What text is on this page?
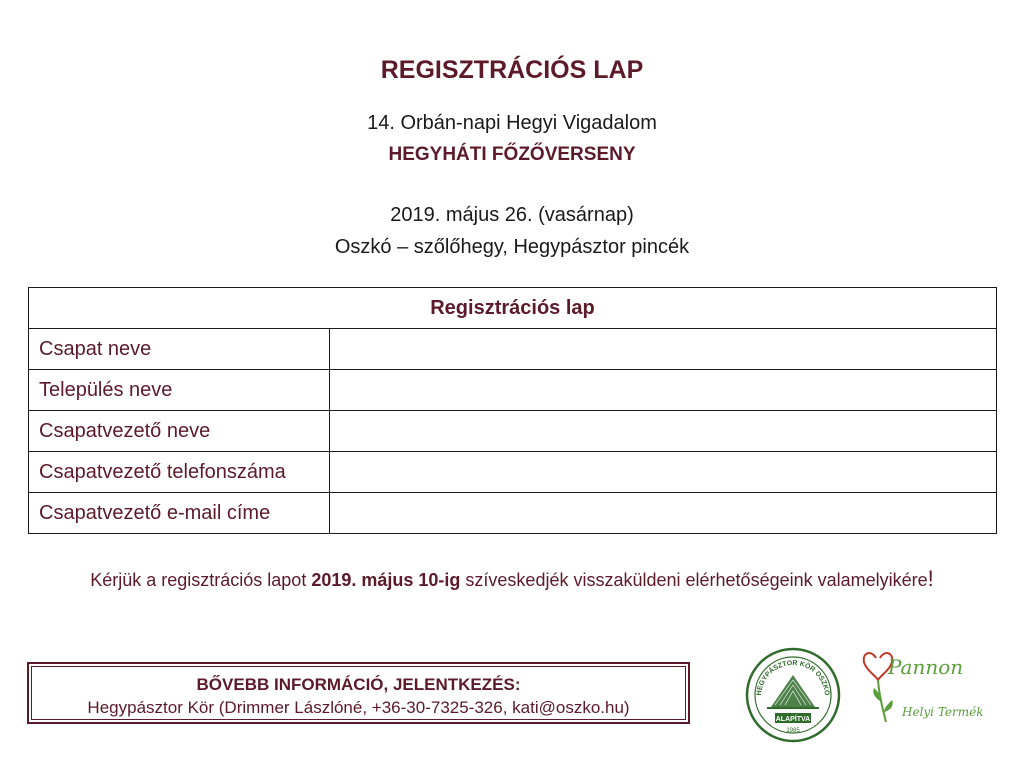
REGISZTRÁCIÓS LAP
14. Orbán-napi Hegyi Vigadalom
HEGYHÁTI FŐZŐVERSENY
2019. május 26. (vasárnap)
Oszkó – szőlőhegy, Hegypásztor pincék
Regisztrációs lap	
Csapat neve	
Település neve	
Csapatvezető neve	
Csapatvezető telefonszáma	
Csapatvezető e-mail címe	
Kérjük a regisztrációs lapot 2019. május 10-ig szíveskedjék visszaküldeni elérhetőségeink valamelyikére!
BŐVEBB INFORMÁCIÓ, JELENTKEZÉS:
Hegypásztor Kör (Drimmer Lászlóné, +36-30-7325-326, kati@oszko.hu)
HEGYPÁSZTOR KÖR OSZKÓ
ALAPÍTVA
1985
Pannon
Helyi Termék
